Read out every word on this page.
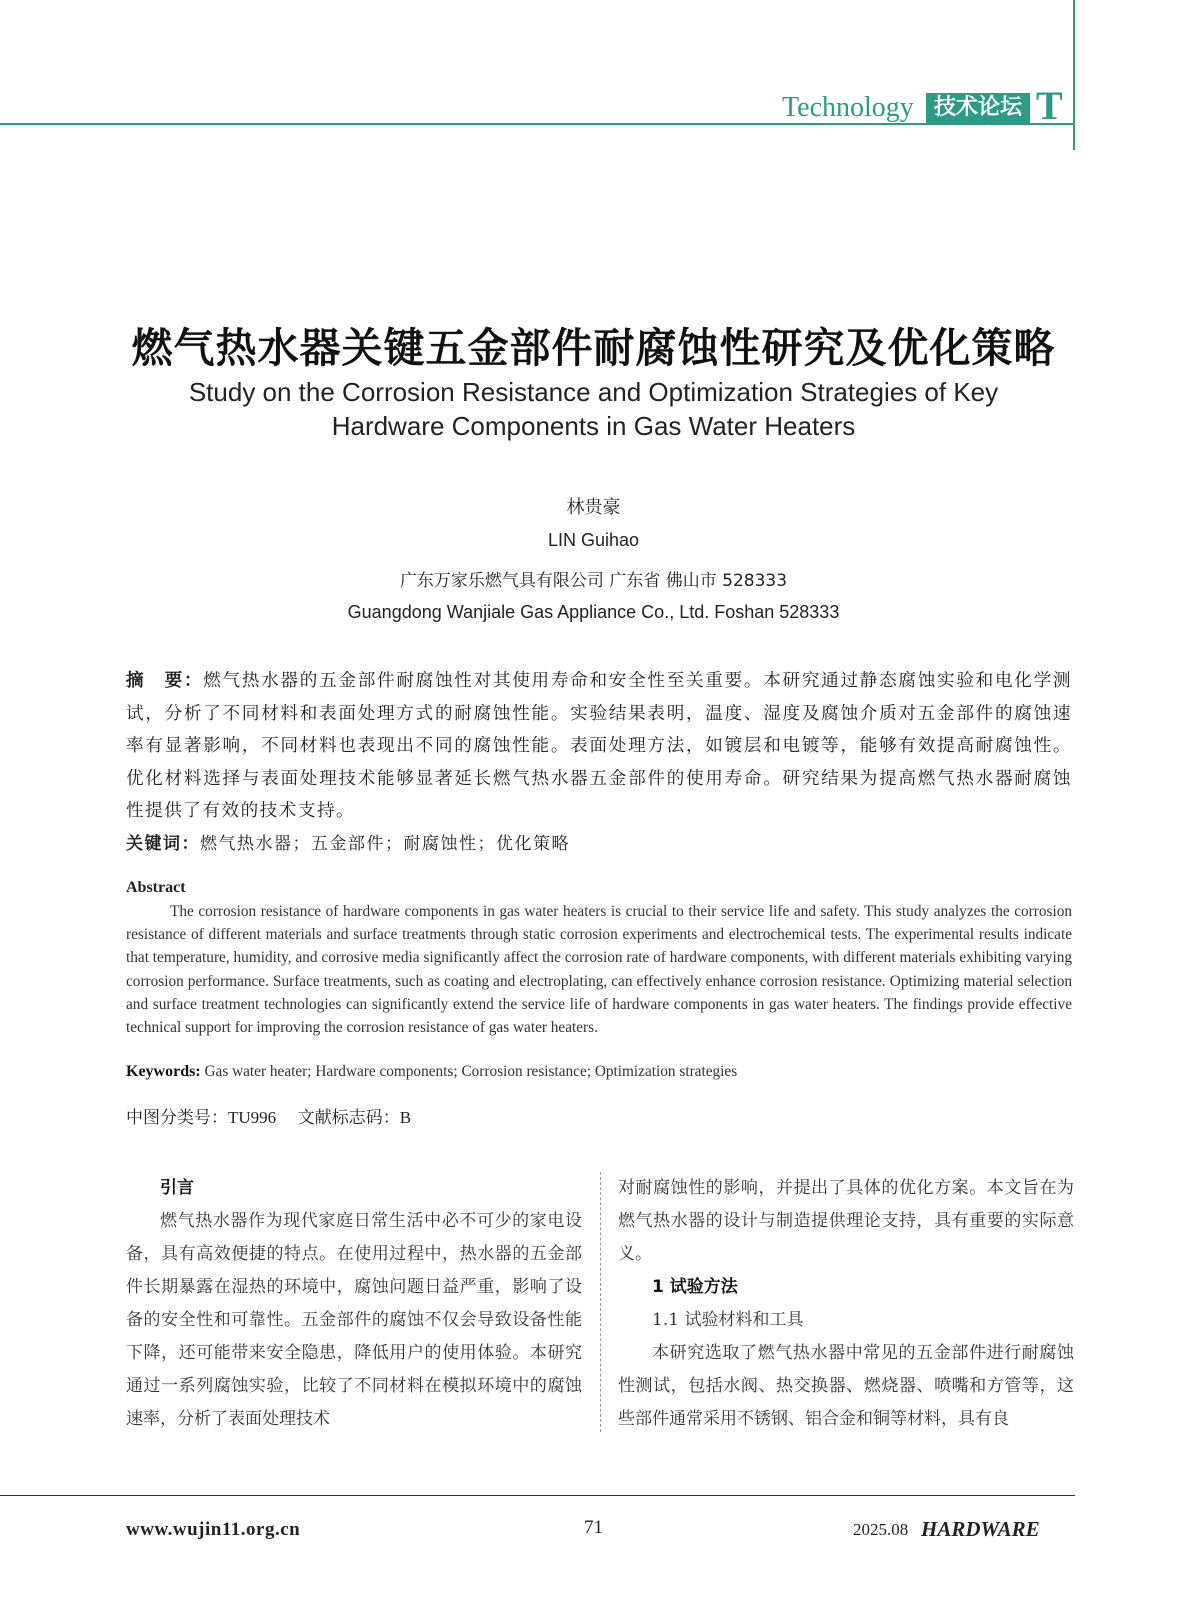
Technology 技术论坛 T
燃气热水器关键五金部件耐腐蚀性研究及优化策略
Study on the Corrosion Resistance and Optimization Strategies of Key
Hardware Components in Gas Water Heaters
林贵豪
LIN Guihao
广东万家乐燃气具有限公司 广东省 佛山市 528333
Guangdong Wanjiale Gas Appliance Co., Ltd. Foshan 528333
摘　要：燃气热水器的五金部件耐腐蚀性对其使用寿命和安全性至关重要。本研究通过静态腐蚀实验和电化学测试，分析了不同材料和表面处理方式的耐腐蚀性能。实验结果表明，温度、湿度及腐蚀介质对五金部件的腐蚀速率有显著影响，不同材料也表现出不同的腐蚀性能。表面处理方法，如镀层和电镀等，能够有效提高耐腐蚀性。优化材料选择与表面处理技术能够显著延长燃气热水器五金部件的使用寿命。研究结果为提高燃气热水器耐腐蚀性提供了有效的技术支持。
关键词：燃气热水器；五金部件；耐腐蚀性；优化策略
Abstract
The corrosion resistance of hardware components in gas water heaters is crucial to their service life and safety. This study analyzes the corrosion resistance of different materials and surface treatments through static corrosion experiments and electrochemical tests. The experimental results indicate that temperature, humidity, and corrosive media significantly affect the corrosion rate of hardware components, with different materials exhibiting varying corrosion performance. Surface treatments, such as coating and electroplating, can effectively enhance corrosion resistance. Optimizing material selection and surface treatment technologies can significantly extend the service life of hardware components in gas water heaters. The findings provide effective technical support for improving the corrosion resistance of gas water heaters.
Keywords: Gas water heater; Hardware components; Corrosion resistance; Optimization strategies
中图分类号：TU996 文献标志码：B
引言

燃气热水器作为现代家庭日常生活中必不可少的家电设备，具有高效便捷的特点。在使用过程中，热水器的五金部件长期暴露在湿热的环境中，腐蚀问题日益严重，影响了设备的安全性和可靠性。五金部件的腐蚀不仅会导致设备性能下降，还可能带来安全隐患，降低用户的使用体验。本研究通过一系列腐蚀实验，比较了不同材料在模拟环境中的腐蚀速率，分析了表面处理技术

对耐腐蚀性的影响，并提出了具体的优化方案。本文旨在为燃气热水器的设计与制造提供理论支持，具有重要的实际意义。

1 试验方法
1.1 试验材料和工具

本研究选取了燃气热水器中常见的五金部件进行耐腐蚀性测试，包括水阀、热交换器、燃烧器、喷嘴和方管等，这些部件通常采用不锈钢、铝合金和铜等材料，具有良

www.wujin11.org.cn	71	2025.08 HARDWARE
